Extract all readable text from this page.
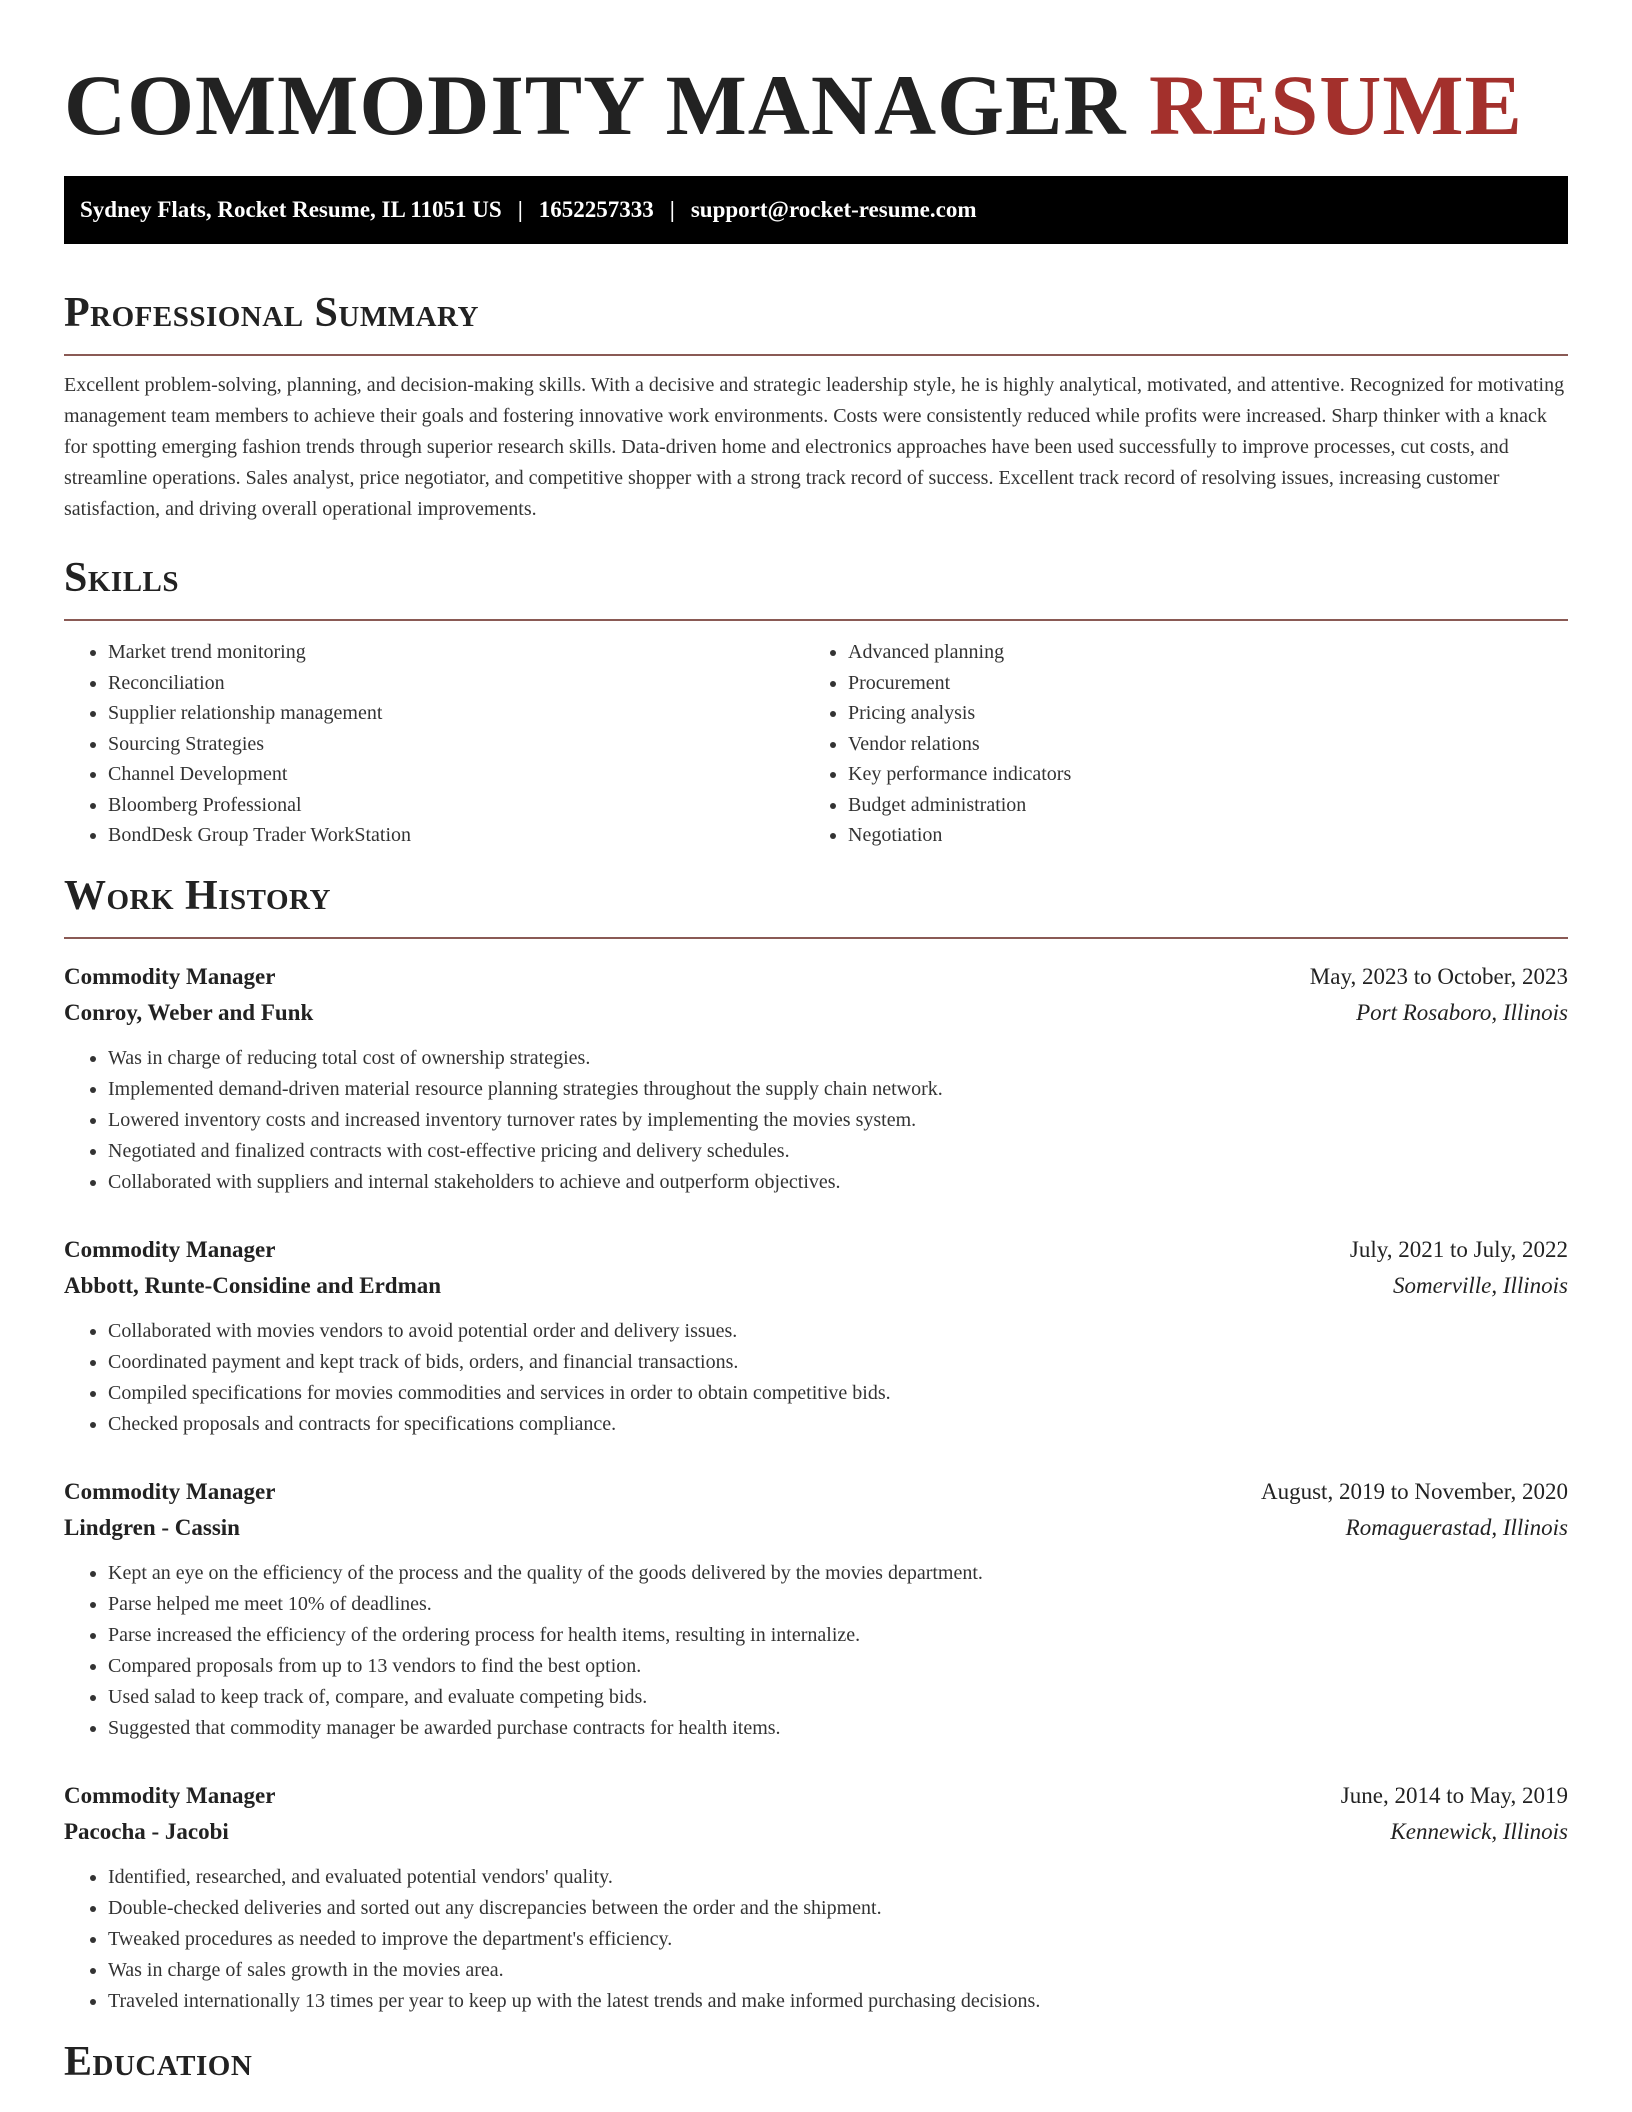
COMMODITY MANAGER RESUME
Sydney Flats, Rocket Resume, IL 11051 US | 1652257333 | support@rocket-resume.com
Professional Summary

Excellent problem-solving, planning, and decision-making skills. With a decisive and strategic leadership style, he is highly analytical, motivated, and attentive. Recognized for motivating management team members to achieve their goals and fostering innovative work environments. Costs were consistently reduced while profits were increased. Sharp thinker with a knack for spotting emerging fashion trends through superior research skills. Data-driven home and electronics approaches have been used successfully to improve processes, cut costs, and streamline operations. Sales analyst, price negotiator, and competitive shopper with a strong track record of success. Excellent track record of resolving issues, increasing customer satisfaction, and driving overall operational improvements.

Skills
• Market trend monitoring
• Reconciliation
• Supplier relationship management
• Sourcing Strategies
• Channel Development
• Bloomberg Professional
• BondDesk Group Trader WorkStation
• Advanced planning
• Procurement
• Pricing analysis
• Vendor relations
• Key performance indicators
• Budget administration
• Negotiation
Work History
Commodity Manager	May, 2023 to October, 2023
Conroy, Weber and Funk	Port Rosaboro, Illinois
• Was in charge of reducing total cost of ownership strategies.
• Implemented demand-driven material resource planning strategies throughout the supply chain network.
• Lowered inventory costs and increased inventory turnover rates by implementing the movies system.
• Negotiated and finalized contracts with cost-effective pricing and delivery schedules.
• Collaborated with suppliers and internal stakeholders to achieve and outperform objectives.
Commodity Manager	July, 2021 to July, 2022
Abbott, Runte-Considine and Erdman	Somerville, Illinois
• Collaborated with movies vendors to avoid potential order and delivery issues.
• Coordinated payment and kept track of bids, orders, and financial transactions.
• Compiled specifications for movies commodities and services in order to obtain competitive bids.
• Checked proposals and contracts for specifications compliance.
Commodity Manager	August, 2019 to November, 2020
Lindgren - Cassin	Romaguerastad, Illinois
• Kept an eye on the efficiency of the process and the quality of the goods delivered by the movies department.
• Parse helped me meet 10% of deadlines.
• Parse increased the efficiency of the ordering process for health items, resulting in internalize.
• Compared proposals from up to 13 vendors to find the best option.
• Used salad to keep track of, compare, and evaluate competing bids.
• Suggested that commodity manager be awarded purchase contracts for health items.
Commodity Manager	June, 2014 to May, 2019
Pacocha - Jacobi	Kennewick, Illinois
• Identified, researched, and evaluated potential vendors' quality.
• Double-checked deliveries and sorted out any discrepancies between the order and the shipment.
• Tweaked procedures as needed to improve the department's efficiency.
• Was in charge of sales growth in the movies area.
• Traveled internationally 13 times per year to keep up with the latest trends and make informed purchasing decisions.
Education
